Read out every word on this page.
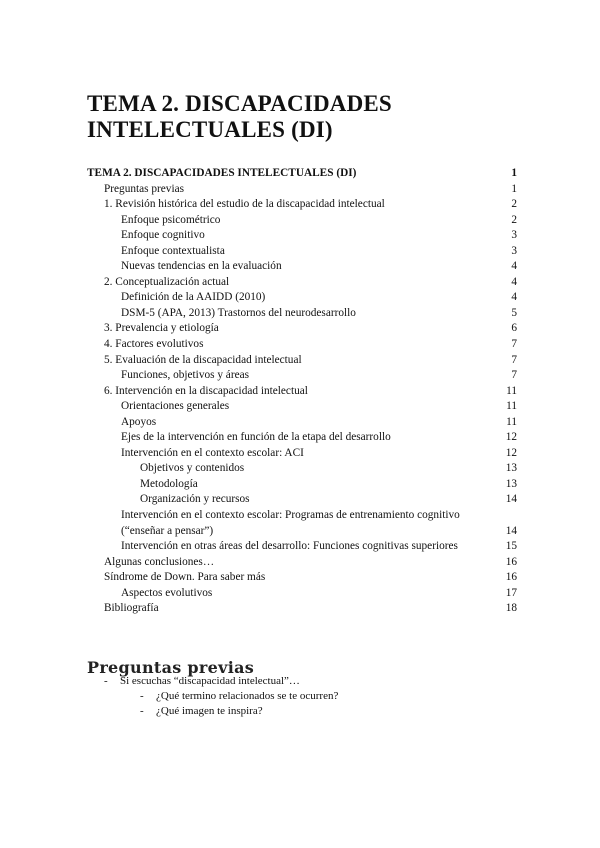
TEMA 2. DISCAPACIDADES INTELECTUALES (DI)
TEMA 2. DISCAPACIDADES INTELECTUALES (DI)	1
Preguntas previas	1
1. Revisión histórica del estudio de la discapacidad intelectual	2
Enfoque psicométrico	2
Enfoque cognitivo	3
Enfoque contextualista	3
Nuevas tendencias en la evaluación	4
2. Conceptualización actual	4
Definición de la AAIDD (2010)	4
DSM-5 (APA, 2013) Trastornos del neurodesarrollo	5
3. Prevalencia y etiología	6
4. Factores evolutivos	7
5. Evaluación de la discapacidad intelectual	7
Funciones, objetivos y áreas	7
6. Intervención en la discapacidad intelectual	11
Orientaciones generales	11
Apoyos	11
Ejes de la intervención en función de la etapa del desarrollo	12
Intervención en el contexto escolar: ACI	12
Objetivos y contenidos	13
Metodología	13
Organización y recursos	14
Intervención en el contexto escolar: Programas de entrenamiento cognitivo (“enseñar a pensar”)	14
Intervención en otras áreas del desarrollo: Funciones cognitivas superiores	15
Algunas conclusiones…	16
Síndrome de Down. Para saber más	16
Aspectos evolutivos	17
Bibliografía	18
Preguntas previas
-	Si escuchas “discapacidad intelectual”…
-	¿Qué termino relacionados se te ocurren?
-	¿Qué imagen te inspira?
